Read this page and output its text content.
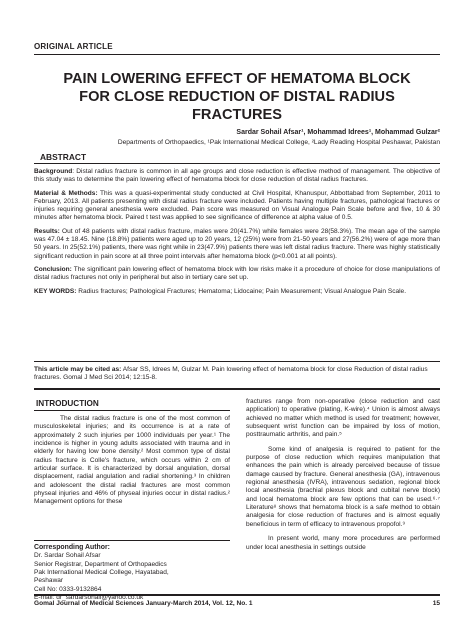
ORIGINAL ARTICLE
PAIN LOWERING EFFECT OF HEMATOMA BLOCK
FOR CLOSE REDUCTION OF DISTAL RADIUS
FRACTURES
Sardar Sohail Afsar¹, Mohammad Idrees¹, Mohammad Gulzar²
Departments of Orthopaedics, ¹Pak International Medical College, ²Lady Reading Hospital Peshawar, Pakistan
ABSTRACT

Background: Distal radius fracture is common in all age groups and close reduction is effective method of management. The objective of this study was to determine the pain lowering effect of hematoma block for close reduction of distal radius fractures.

Material & Methods: This was a quasi-experimental study conducted at Civil Hospital, Khanuspur, Abbottabad from September, 2011 to February, 2013. All patients presenting with distal radius fracture were included. Patients having multiple fractures, pathological fractures or injuries requiring general anesthesia were excluded. Pain score was measured on Visual Analogue Pain Scale before and five, 10 & 30 minutes after hematoma block. Paired t test was applied to see significance of difference at alpha value of 0.5.

Results: Out of 48 patients with distal radius fracture, males were 20(41.7%) while females were 28(58.3%). The mean age of the sample was 47.04 ± 18.45. Nine (18.8%) patients were aged up to 20 years, 12 (25%) were from 21-50 years and 27(56.2%) were of age more than 50 years. In 25(52.1%) patients, there was right while in 23(47.9%) patients there was left distal radius fracture. There was highly statistically significant reduction in pain score at all three point intervals after hematoma block (p<0.001 at all points).

Conclusion: The significant pain lowering effect of hematoma block with low risks make it a procedure of choice for close manipulations of distal radius fractures not only in peripheral but also in tertiary care set up.

KEY WORDS: Radius fractures; Pathological Fractures; Hematoma; Lidocaine; Pain Measurement; Visual Analogue Pain Scale.

This article may be cited as: Afsar SS, Idrees M, Gulzar M. Pain lowering effect of hematoma block for close Reduction of distal radius fractures. Gomal J Med Sci 2014; 12:15-8.
INTRODUCTION

The distal radius fracture is one of the most common of musculoskeletal injuries; and its occurrence is at a rate of approximately 2 such injuries per 1000 individuals per year.¹ The incidence is higher in young adults associated with trauma and in elderly for having low bone density.² Most common type of distal radius fracture is Colle's fracture, which occurs within 2 cm of articular surface. It is characterized by dorsal angulation, dorsal displacement, radial angulation and radial shortening.³ In children and adolescent the distal radial fractures are most common physeal injuries and 46% of physeal injuries occur in distal radius.² Management options for these

Corresponding Author:
Dr. Sardar Sohail Afsar
Senior Registrar, Department of Orthopaedics
Pak International Medical College, Hayatabad,
Peshawar
Cell No: 0333-9132864
E-mail: dr_sardarsohail@yahoo.co.uk

fractures range from non-operative (close reduction and cast application) to operative (plating, K-wire).⁴ Union is almost always achieved no matter which method is used for treatment; however, subsequent wrist function can be impaired by loss of motion, posttraumatic arthritis, and pain.⁵

Some kind of analgesia is required to patient for the purpose of close reduction which requires manipulation that enhances the pain which is already perceived because of tissue damage caused by fracture. General anesthesia (GA), intravenous regional anesthesia (IVRA), intravenous sedation, regional block local anesthesia (brachial plexus block and cubital nerve block) and local hematoma block are few options that can be used.⁶·⁷ Literature⁸ shows that hematoma block is a safe method to obtain analgesia for close reduction of fractures and is almost equally beneficious in term of efficacy to intravenous propofol.⁹

In present world, many more procedures are performed under local anesthesia in settings outside

Gomal Journal of Medical Sciences January-March 2014, Vol. 12, No. 1	15
